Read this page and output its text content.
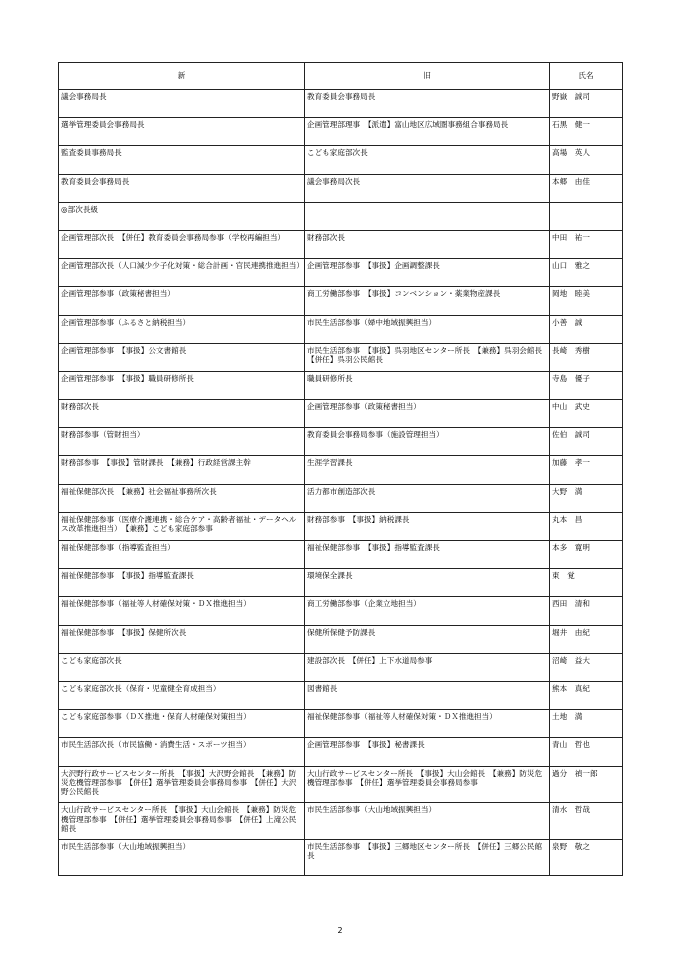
新	旧	氏名
議会事務局長	教育委員会事務局長	野嶽　誠司
選挙管理委員会事務局長	企画管理部理事　【派遣】富山地区広域圏事務組合事務局長	石黒　健一
監査委員事務局長	こども家庭部次長	高場　英人
教育委員会事務局長	議会事務局次長	本郷　由佳
◎部次長級		
企画管理部次長　【併任】教育委員会事務局参事（学校再編担当）	財務部次長	中田　祐一
企画管理部次長（人口減少少子化対策・総合計画・官民連携推進担当）	企画管理部参事　【事扱】企画調整課長	山口　雅之
企画管理部参事（政策秘書担当）	商工労働部参事　【事扱】コンベンション・薬業物産課長	岡地　睦美
企画管理部参事（ふるさと納税担当）	市民生活部参事（婦中地域振興担当）	小善　誠
企画管理部参事　【事扱】公文書館長	市民生活部参事　【事扱】呉羽地区センター所長　【兼務】呉羽会館長　【併任】呉羽公民館長	長崎　秀樹
企画管理部参事　【事扱】職員研修所長	職員研修所長	寺島　優子
財務部次長	企画管理部参事（政策秘書担当）	中山　武史
財務部参事（管財担当）	教育委員会事務局参事（施設管理担当）	佐伯　誠司
財務部参事　【事扱】管財課長　【兼務】行政経営課主幹	生涯学習課長	加藤　孝一
福祉保健部次長　【兼務】社会福祉事務所次長	活力都市創造部次長	大野　満
福祉保健部参事（医療介護連携・総合ケア・高齢者福祉・データヘルス改革推進担当）　【兼務】こども家庭部参事	財務部参事　【事扱】納税課長	丸本　昌
福祉保健部参事（指導監査担当）	福祉保健部参事　【事扱】指導監査課長	本多　寛明
福祉保健部参事　【事扱】指導監査課長	環境保全課長	東　覚
福祉保健部参事（福祉等人材確保対策・ＤＸ推進担当）	商工労働部参事（企業立地担当）	西田　清和
福祉保健部参事　【事扱】保健所次長	保健所保健予防課長	堀井　由紀
こども家庭部次長	建設部次長　【併任】上下水道局参事	沼崎　益大
こども家庭部次長（保育・児童健全育成担当）	図書館長	熊本　真紀
こども家庭部参事（ＤＸ推進・保育人材確保対策担当）	福祉保健部参事（福祉等人材確保対策・ＤＸ推進担当）	土地　満
市民生活部次長（市民協働・消費生活・スポーツ担当）	企画管理部参事　【事扱】秘書課長	青山　哲也
大沢野行政サービスセンター所長　【事扱】大沢野会館長　【兼務】防災危機管理部参事　【併任】選挙管理委員会事務局参事　【併任】大沢野公民館長	大山行政サービスセンター所長　【事扱】大山会館長　【兼務】防災危機管理部参事　【併任】選挙管理委員会事務局参事	過分　禎一郎
大山行政サービスセンター所長　【事扱】大山会館長　【兼務】防災危機管理部参事　【併任】選挙管理委員会事務局参事　【併任】上滝公民館長	市民生活部参事（大山地域振興担当）	清水　哲哉
市民生活部参事（大山地域振興担当）	市民生活部参事　【事扱】三郷地区センター所長　【併任】三郷公民館長	泉野　敬之
2
